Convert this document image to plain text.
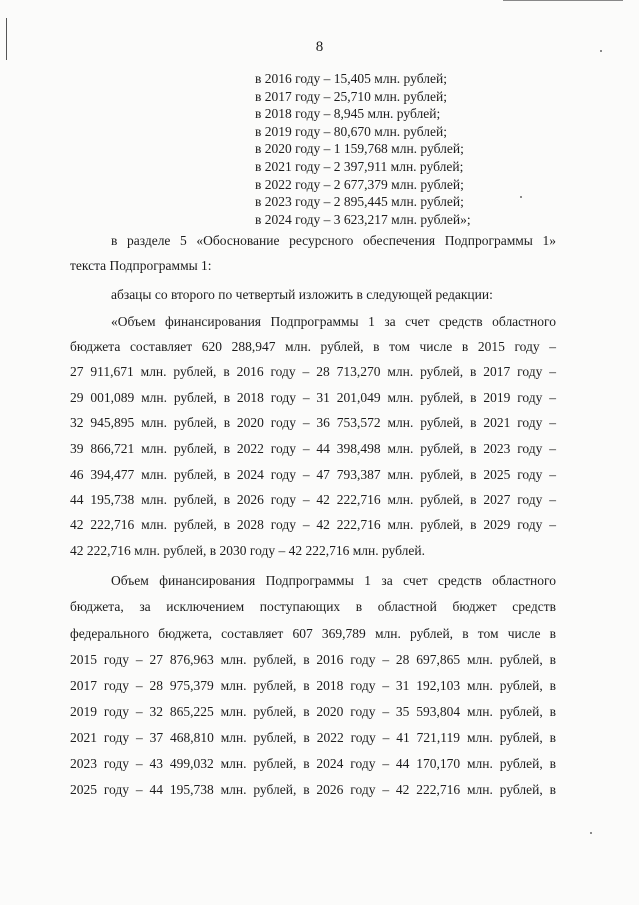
8
в 2016 году – 15,405 млн. рублей;
в 2017 году – 25,710 млн. рублей;
в 2018 году – 8,945 млн. рублей;
в 2019 году – 80,670 млн. рублей;
в 2020 году – 1 159,768 млн. рублей;
в 2021 году – 2 397,911 млн. рублей;
в 2022 году – 2 677,379 млн. рублей;
в 2023 году – 2 895,445 млн. рублей;
в 2024 году – 3 623,217 млн. рублей»;
в разделе 5 «Обоснование ресурсного обеспечения Подпрограммы 1»
текста Подпрограммы 1:
абзацы со второго по четвертый изложить в следующей редакции:
«Объем финансирования Подпрограммы 1 за счет средств областного
бюджета составляет 620 288,947 млн. рублей, в том числе в 2015 году –
27 911,671 млн. рублей, в 2016 году – 28 713,270 млн. рублей, в 2017 году –
29 001,089 млн. рублей, в 2018 году – 31 201,049 млн. рублей, в 2019 году –
32 945,895 млн. рублей, в 2020 году – 36 753,572 млн. рублей, в 2021 году –
39 866,721 млн. рублей, в 2022 году – 44 398,498 млн. рублей, в 2023 году –
46 394,477 млн. рублей, в 2024 году – 47 793,387 млн. рублей, в 2025 году –
44 195,738 млн. рублей, в 2026 году – 42 222,716 млн. рублей, в 2027 году –
42 222,716 млн. рублей, в 2028 году – 42 222,716 млн. рублей, в 2029 году –
42 222,716 млн. рублей, в 2030 году – 42 222,716 млн. рублей.
Объем финансирования Подпрограммы 1 за счет средств областного
бюджета, за исключением поступающих в областной бюджет средств
федерального бюджета, составляет 607 369,789 млн. рублей, в том числе в
2015 году – 27 876,963 млн. рублей, в 2016 году – 28 697,865 млн. рублей, в
2017 году – 28 975,379 млн. рублей, в 2018 году – 31 192,103 млн. рублей, в
2019 году – 32 865,225 млн. рублей, в 2020 году – 35 593,804 млн. рублей, в
2021 году – 37 468,810 млн. рублей, в 2022 году – 41 721,119 млн. рублей, в
2023 году – 43 499,032 млн. рублей, в 2024 году – 44 170,170 млн. рублей, в
2025 году – 44 195,738 млн. рублей, в 2026 году – 42 222,716 млн. рублей, в
